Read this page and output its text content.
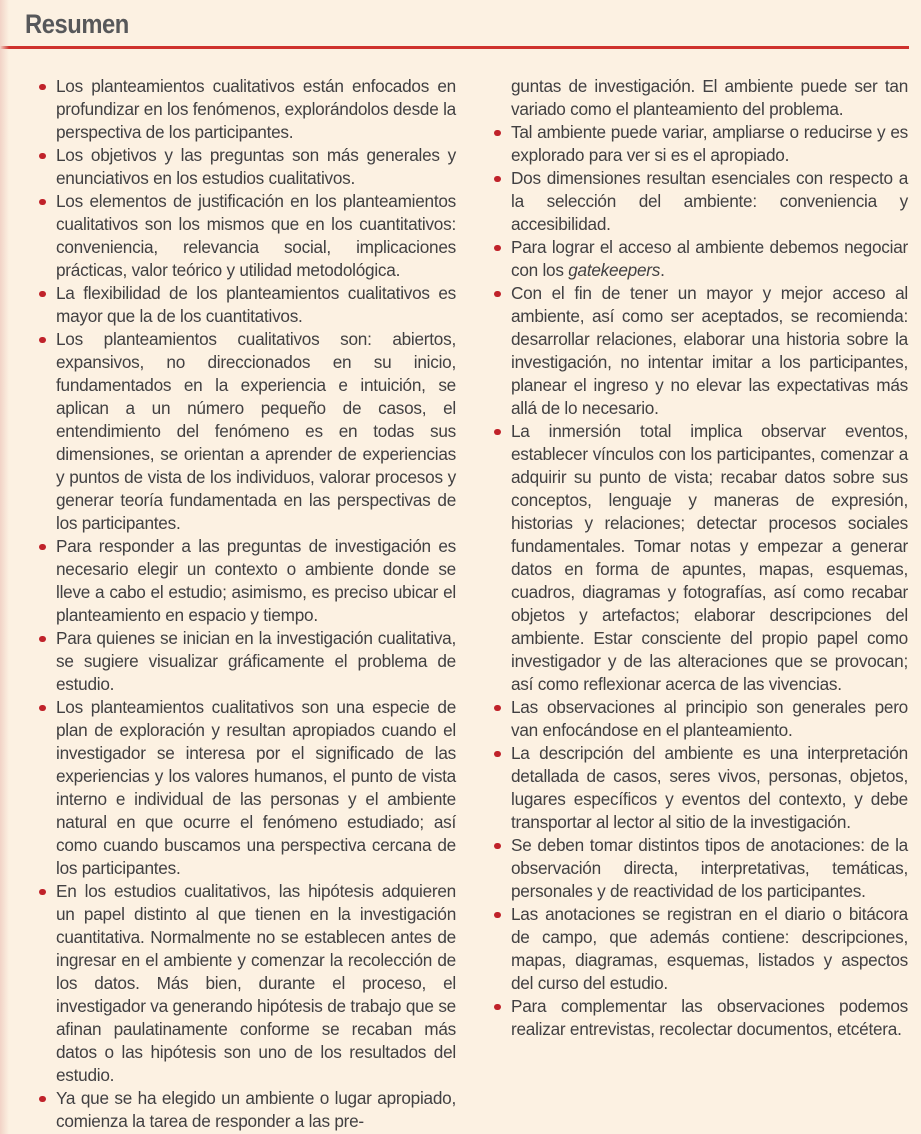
Resumen
Los planteamientos cualitativos están enfocados en profundizar en los fenómenos, explorándolos desde la perspectiva de los participantes.
Los objetivos y las preguntas son más generales y enunciativos en los estudios cualitativos.
Los elementos de justificación en los planteamientos cualitativos son los mismos que en los cuantitativos: conveniencia, relevancia social, implicaciones prácticas, valor teórico y utilidad metodológica.
La flexibilidad de los planteamientos cualitativos es mayor que la de los cuantitativos.
Los planteamientos cualitativos son: abiertos, expansivos, no direccionados en su inicio, fundamentados en la experiencia e intuición, se aplican a un número pequeño de casos, el entendimiento del fenómeno es en todas sus dimensiones, se orientan a aprender de experiencias y puntos de vista de los individuos, valorar procesos y generar teoría fundamentada en las perspectivas de los participantes.
Para responder a las preguntas de investigación es necesario elegir un contexto o ambiente donde se lleve a cabo el estudio; asimismo, es preciso ubicar el planteamiento en espacio y tiempo.
Para quienes se inician en la investigación cualitativa, se sugiere visualizar gráficamente el problema de estudio.
Los planteamientos cualitativos son una especie de plan de exploración y resultan apropiados cuando el investigador se interesa por el significado de las experiencias y los valores humanos, el punto de vista interno e individual de las personas y el ambiente natural en que ocurre el fenómeno estudiado; así como cuando buscamos una perspectiva cercana de los participantes.
En los estudios cualitativos, las hipótesis adquieren un papel distinto al que tienen en la investigación cuantitativa. Normalmente no se establecen antes de ingresar en el ambiente y comenzar la recolección de los datos. Más bien, durante el proceso, el investigador va generando hipótesis de trabajo que se afinan paulatinamente conforme se recaban más datos o las hipótesis son uno de los resultados del estudio.
Ya que se ha elegido un ambiente o lugar apropiado, comienza la tarea de responder a las pre-
guntas de investigación. El ambiente puede ser tan variado como el planteamiento del problema.
Tal ambiente puede variar, ampliarse o reducirse y es explorado para ver si es el apropiado.
Dos dimensiones resultan esenciales con respecto a la selección del ambiente: conveniencia y accesibilidad.
Para lograr el acceso al ambiente debemos negociar con los gatekeepers.
Con el fin de tener un mayor y mejor acceso al ambiente, así como ser aceptados, se recomienda: desarrollar relaciones, elaborar una historia sobre la investigación, no intentar imitar a los participantes, planear el ingreso y no elevar las expectativas más allá de lo necesario.
La inmersión total implica observar eventos, establecer vínculos con los participantes, comenzar a adquirir su punto de vista; recabar datos sobre sus conceptos, lenguaje y maneras de expresión, historias y relaciones; detectar procesos sociales fundamentales. Tomar notas y empezar a generar datos en forma de apuntes, mapas, esquemas, cuadros, diagramas y fotografías, así como recabar objetos y artefactos; elaborar descripciones del ambiente. Estar consciente del propio papel como investigador y de las alteraciones que se provocan; así como reflexionar acerca de las vivencias.
Las observaciones al principio son generales pero van enfocándose en el planteamiento.
La descripción del ambiente es una interpretación detallada de casos, seres vivos, personas, objetos, lugares específicos y eventos del contexto, y debe transportar al lector al sitio de la investigación.
Se deben tomar distintos tipos de anotaciones: de la observación directa, interpretativas, temáticas, personales y de reactividad de los participantes.
Las anotaciones se registran en el diario o bitácora de campo, que además contiene: descripciones, mapas, diagramas, esquemas, listados y aspectos del curso del estudio.
Para complementar las observaciones podemos realizar entrevistas, recolectar documentos, etcétera.
